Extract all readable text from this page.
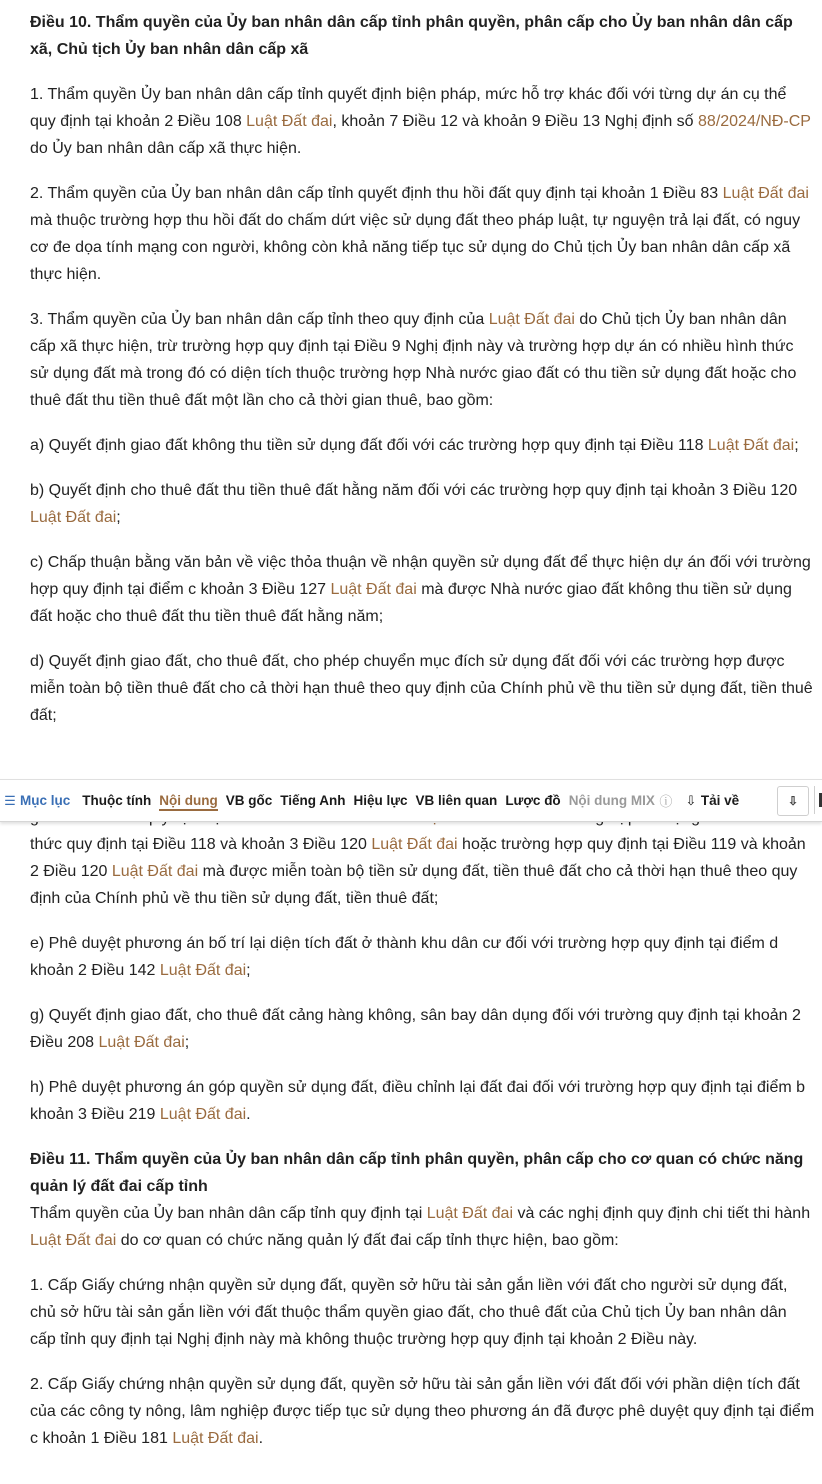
Điều 10. Thẩm quyền của Ủy ban nhân dân cấp tỉnh phân quyền, phân cấp cho Ủy ban nhân dân cấp xã, Chủ tịch Ủy ban nhân dân cấp xã

1. Thẩm quyền Ủy ban nhân dân cấp tỉnh quyết định biện pháp, mức hỗ trợ khác đối với từng dự án cụ thể quy định tại khoản 2 Điều 108 Luật Đất đai, khoản 7 Điều 12 và khoản 9 Điều 13 Nghị định số 88/2024/NĐ-CP do Ủy ban nhân dân cấp xã thực hiện.

2. Thẩm quyền của Ủy ban nhân dân cấp tỉnh quyết định thu hồi đất quy định tại khoản 1 Điều 83 Luật Đất đai mà thuộc trường hợp thu hồi đất do chấm dứt việc sử dụng đất theo pháp luật, tự nguyện trả lại đất, có nguy cơ đe dọa tính mạng con người, không còn khả năng tiếp tục sử dụng do Chủ tịch Ủy ban nhân dân cấp xã thực hiện.

3. Thẩm quyền của Ủy ban nhân dân cấp tỉnh theo quy định của Luật Đất đai do Chủ tịch Ủy ban nhân dân cấp xã thực hiện, trừ trường hợp quy định tại Điều 9 Nghị định này và trường hợp dự án có nhiều hình thức sử dụng đất mà trong đó có diện tích thuộc trường hợp Nhà nước giao đất có thu tiền sử dụng đất hoặc cho thuê đất thu tiền thuê đất một lần cho cả thời gian thuê, bao gồm:

a) Quyết định giao đất không thu tiền sử dụng đất đối với các trường hợp quy định tại Điều 118 Luật Đất đai;

b) Quyết định cho thuê đất thu tiền thuê đất hằng năm đối với các trường hợp quy định tại khoản 3 Điều 120 Luật Đất đai;

c) Chấp thuận bằng văn bản về việc thỏa thuận về nhận quyền sử dụng đất để thực hiện dự án đối với trường hợp quy định tại điểm c khoản 3 Điều 127 Luật Đất đai mà được Nhà nước giao đất không thu tiền sử dụng đất hoặc cho thuê đất thu tiền thuê đất hằng năm;

d) Quyết định giao đất, cho thuê đất, cho phép chuyển mục đích sử dụng đất đối với các trường hợp được miễn toàn bộ tiền thuê đất cho cả thời hạn thuê theo quy định của Chính phủ về thu tiền sử dụng đất, tiền thuê đất;

☰ Mục lục Thuộc tính Nội dung VB gốc Tiếng Anh Hiệu lực VB liên quan Lược đồ Nội dung MIX ⓘ ⇩ Tải về	⇩

thức quy định tại Điều 118 và khoản 3 Điều 120 Luật Đất đai hoặc trường hợp quy định tại Điều 119 và khoản 2 Điều 120 Luật Đất đai mà được miễn toàn bộ tiền sử dụng đất, tiền thuê đất cho cả thời hạn thuê theo quy định của Chính phủ về thu tiền sử dụng đất, tiền thuê đất;

e) Phê duyệt phương án bố trí lại diện tích đất ở thành khu dân cư đối với trường hợp quy định tại điểm d khoản 2 Điều 142 Luật Đất đai;

g) Quyết định giao đất, cho thuê đất cảng hàng không, sân bay dân dụng đối với trường quy định tại khoản 2 Điều 208 Luật Đất đai;

h) Phê duyệt phương án góp quyền sử dụng đất, điều chỉnh lại đất đai đối với trường hợp quy định tại điểm b khoản 3 Điều 219 Luật Đất đai.

Điều 11. Thẩm quyền của Ủy ban nhân dân cấp tỉnh phân quyền, phân cấp cho cơ quan có chức năng quản lý đất đai cấp tỉnh

Thẩm quyền của Ủy ban nhân dân cấp tỉnh quy định tại Luật Đất đai và các nghị định quy định chi tiết thi hành Luật Đất đai do cơ quan có chức năng quản lý đất đai cấp tỉnh thực hiện, bao gồm:

1. Cấp Giấy chứng nhận quyền sử dụng đất, quyền sở hữu tài sản gắn liền với đất cho người sử dụng đất, chủ sở hữu tài sản gắn liền với đất thuộc thẩm quyền giao đất, cho thuê đất của Chủ tịch Ủy ban nhân dân cấp tỉnh quy định tại Nghị định này mà không thuộc trường hợp quy định tại khoản 2 Điều này.

2. Cấp Giấy chứng nhận quyền sử dụng đất, quyền sở hữu tài sản gắn liền với đất đối với phần diện tích đất của các công ty nông, lâm nghiệp được tiếp tục sử dụng theo phương án đã được phê duyệt quy định tại điểm c khoản 1 Điều 181 Luật Đất đai.
